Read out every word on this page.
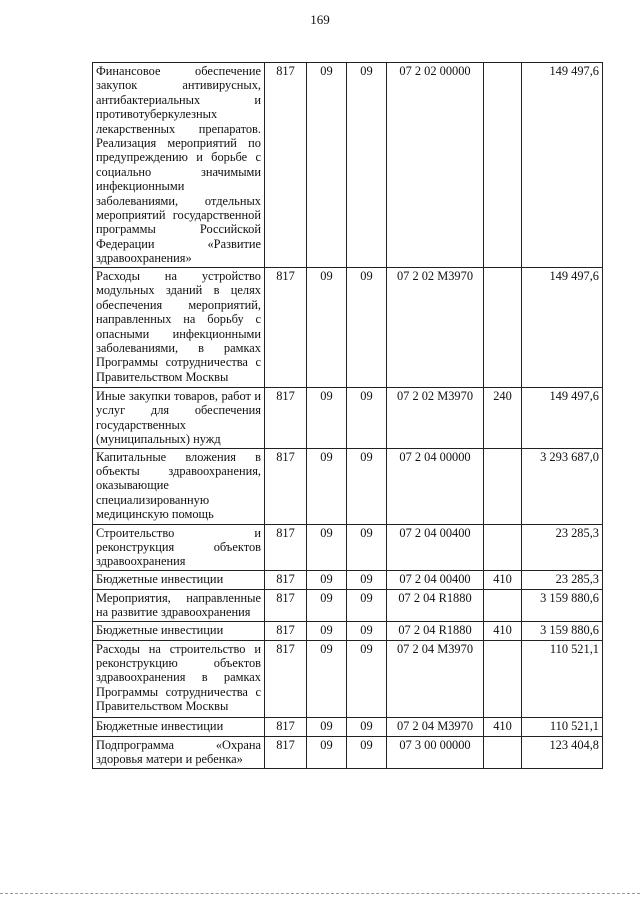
169
Финансовое обеспечение закупок антивирусных, антибактериальных и противотуберкулезных лекарственных препаратов. Реализация мероприятий по предупреждению и борьбе с социально значимыми инфекционными заболеваниями, отдельных мероприятий государственной программы Российской Федерации «Развитие здравоохранения»	817	09	09	07 2 02 00000		149 497,6
Расходы на устройство модульных зданий в целях обеспечения мероприятий, направленных на борьбу с опасными инфекционными заболеваниями, в рамках Программы сотрудничества с Правительством Москвы	817	09	09	07 2 02 М3970		149 497,6
Иные закупки товаров, работ и услуг для обеспечения государственных (муниципальных) нужд	817	09	09	07 2 02 М3970	240	149 497,6
Капитальные вложения в объекты здравоохранения, оказывающие специализированную медицинскую помощь	817	09	09	07 2 04 00000		3 293 687,0
Строительство и реконструкция объектов здравоохранения	817	09	09	07 2 04 00400		23 285,3
Бюджетные инвестиции	817	09	09	07 2 04 00400	410	23 285,3
Мероприятия, направленные на развитие здравоохранения	817	09	09	07 2 04 R1880		3 159 880,6
Бюджетные инвестиции	817	09	09	07 2 04 R1880	410	3 159 880,6
Расходы на строительство и реконструкцию объектов здравоохранения в рамках Программы сотрудничества с Правительством Москвы	817	09	09	07 2 04 М3970		110 521,1
Бюджетные инвестиции	817	09	09	07 2 04 М3970	410	110 521,1
Подпрограмма «Охрана здоровья матери и ребенка»	817	09	09	07 3 00 00000		123 404,8
